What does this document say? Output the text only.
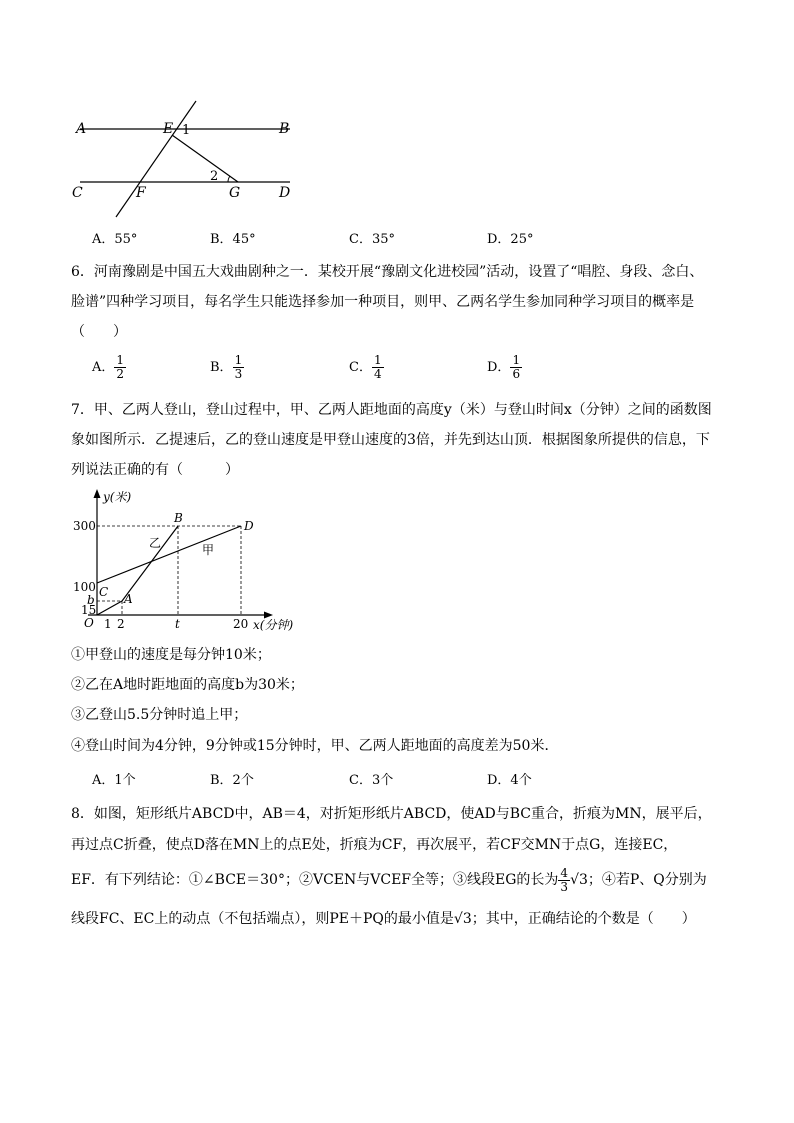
A	E 1	B
2
C	F	G	D
A．55°	B．45°	C．35°	D．25°
6．河南豫剧是中国五大戏曲剧种之一．某校开展“豫剧文化进校园”活动，设置了“唱腔、身段、念白、
脸谱”四种学习项目，每名学生只能选择参加一种项目，则甲、乙两名学生参加同种学习项目的概率是
（　　）
A． $\frac{1}{2}$	B． $\frac{1}{3}$	C． $\frac{1}{4}$	D． $\frac{1}{6}$
7．甲、乙两人登山，登山过程中，甲、乙两人距地面的高度y（米）与登山时间x（分钟）之间的函数图
象如图所示．乙提速后，乙的登山速度是甲登山速度的3倍，并先到达山顶．根据图象所提供的信息，下
列说法正确的有（　　　）
y(米)
300
100
b
15
O 1 2	t	20 x(分钟)
B
D
C A
乙	甲
①甲登山的速度是每分钟10米；
②乙在A地时距地面的高度b为30米；
③乙登山5.5分钟时追上甲；
④登山时间为4分钟，9分钟或15分钟时，甲、乙两人距地面的高度差为50米．
A．1个	B．2个	C．3个	D．4个
8．如图，矩形纸片ABCD中，AB＝4，对折矩形纸片ABCD，使AD与BC重合，折痕为MN，展平后，
再过点C折叠，使点D落在MN上的点E处，折痕为CF，再次展平，若CF交MN于点G，连接EC，
EF．有下列结论：①∠BCE＝30°；②VCEN与VCEF全等；③线段EG的长为 $\frac{4}{3} √3$；④若P、Q分别为
线段FC、EC上的动点（不包括端点），则PE＋PQ的最小值是√3；其中，正确结论的个数是（　　）
